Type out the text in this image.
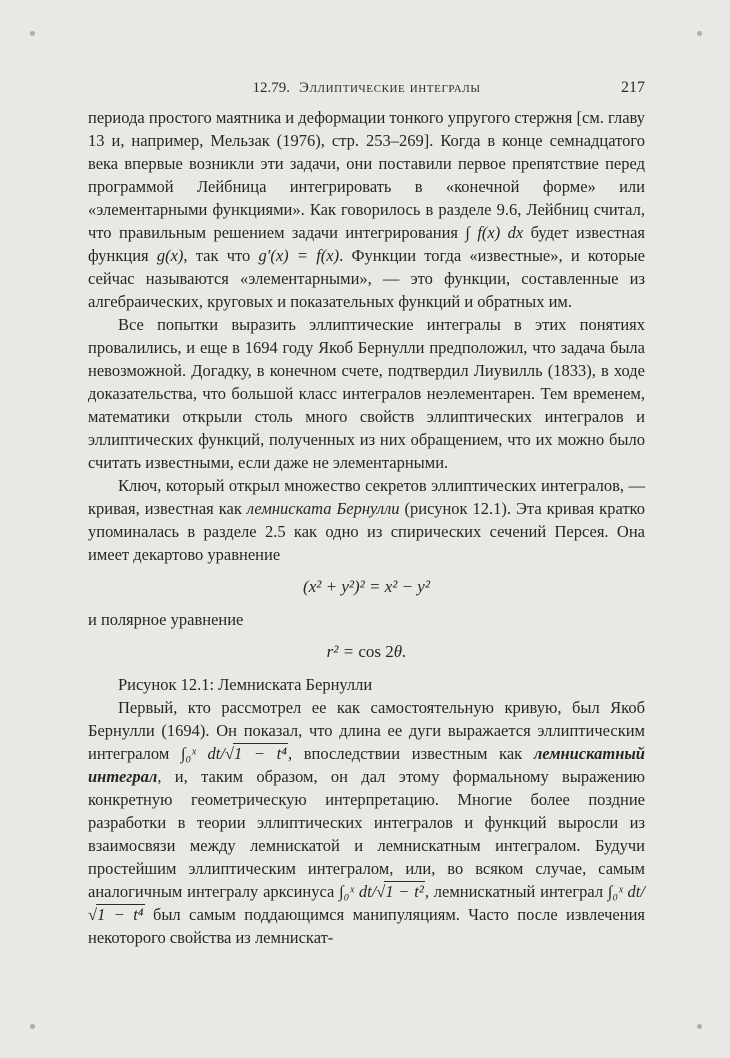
12.79. Эллиптические интегралы	217
периода простого маятника и деформации тонкого упругого стержня [см. главу 13 и, например, Мельзак (1976), стр. 253–269]. Когда в конце семнадцатого века впервые возникли эти задачи, они поставили первое препятствие перед программой Лейбница интегрировать в «конечной форме» или «элементарными функциями». Как говорилось в разделе 9.6, Лейбниц считал, что правильным решением задачи интегрирования ∫ f(x) dx будет известная функция g(x), так что g′(x) = f(x). Функции тогда «известные», и которые сейчас называются «элементарными», — это функции, составленные из алгебраических, круговых и показательных функций и обратных им.
Все попытки выразить эллиптические интегралы в этих понятиях провалились, и еще в 1694 году Якоб Бернулли предположил, что задача была невозможной. Догадку, в конечном счете, подтвердил Лиувилль (1833), в ходе доказательства, что большой класс интегралов неэлементарен. Тем временем, математики открыли столь много свойств эллиптических интегралов и эллиптических функций, полученных из них обращением, что их можно было считать известными, если даже не элементарными.
Ключ, который открыл множество секретов эллиптических интегралов, — кривая, известная как лемниската Бернулли (рисунок 12.1). Эта кривая кратко упоминалась в разделе 2.5 как одно из спирических сечений Персея. Она имеет декартово уравнение
(x² + y²)² = x² − y²
и полярное уравнение
r² = cos 2θ.
Рисунок 12.1: Лемниската Бернулли
Первый, кто рассмотрел ее как самостоятельную кривую, был Якоб Бернулли (1694). Он показал, что длина ее дуги выражается эллиптическим интегралом ∫₀ˣ dt/√1 − t⁴, впоследствии известным как лемнискатный интеграл, и, таким образом, он дал этому формальному выражению конкретную геометрическую интерпретацию. Многие более поздние разработки в теории эллиптических интегралов и функций выросли из взаимосвязи между лемнискатой и лемнискатным интегралом. Будучи простейшим эллиптическим интегралом, или, во всяком случае, самым аналогичным интегралу арксинуса ∫₀ˣ dt/√1 − t², лемнискатный интеграл ∫₀ˣ dt/√1 − t⁴ был самым поддающимся манипуляциям. Часто после извлечения некоторого свойства из лемнискат-
